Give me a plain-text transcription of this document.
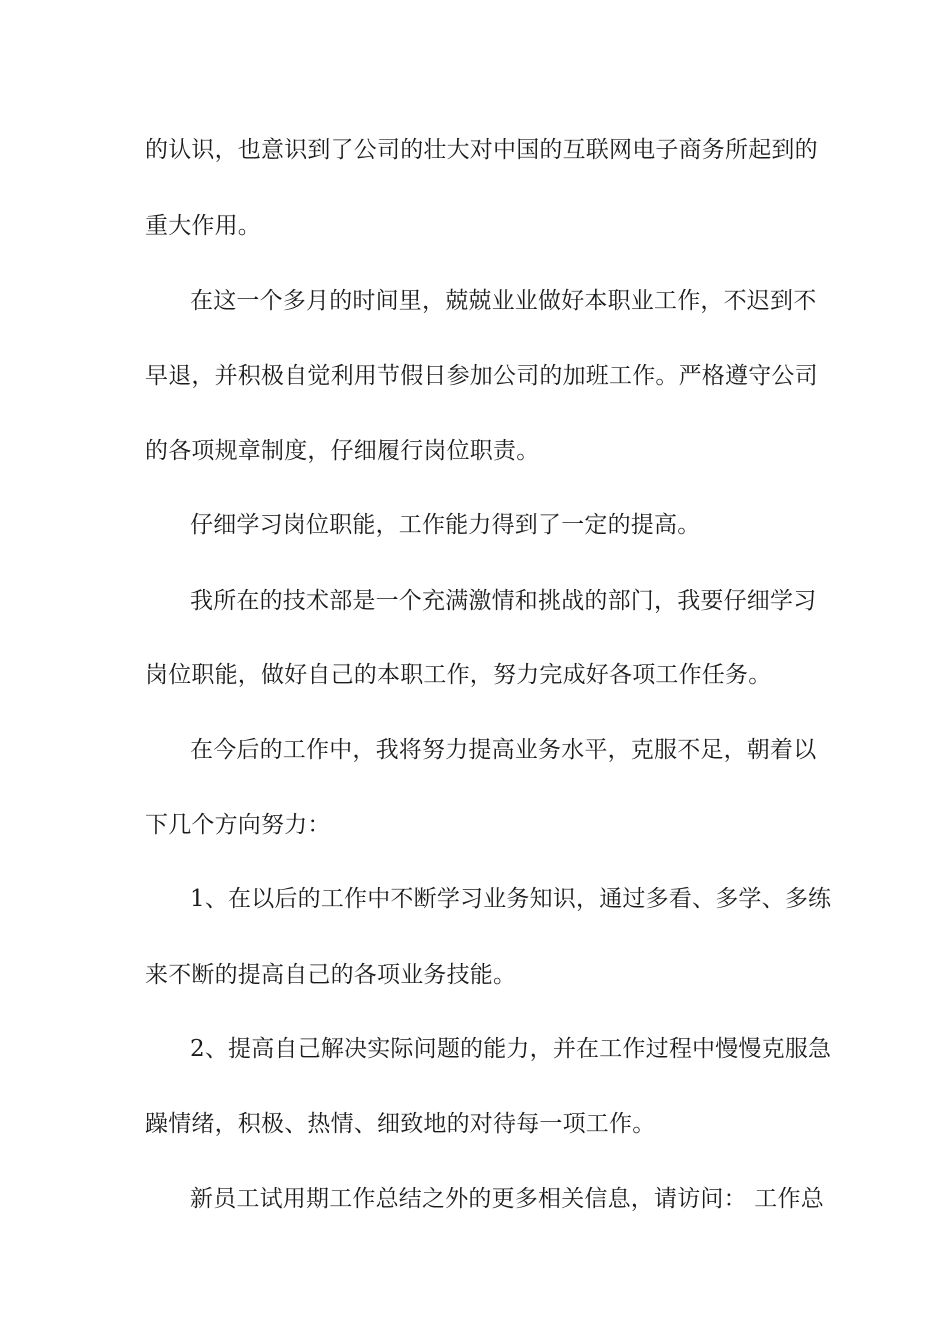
的认识，也意识到了公司的壮大对中国的互联网电子商务所起到的
重大作用。
在这一个多月的时间里，兢兢业业做好本职业工作，不迟到不
早退，并积极自觉利用节假日参加公司的加班工作。严格遵守公司
的各项规章制度，仔细履行岗位职责。
仔细学习岗位职能，工作能力得到了一定的提高。
我所在的技术部是一个充满激情和挑战的部门，我要仔细学习
岗位职能，做好自己的本职工作，努力完成好各项工作任务。
在今后的工作中，我将努力提高业务水平，克服不足，朝着以
下几个方向努力：
1、在以后的工作中不断学习业务知识，通过多看、多学、多练
来不断的提高自己的各项业务技能。
2、提高自己解决实际问题的能力，并在工作过程中慢慢克服急
躁情绪，积极、热情、细致地的对待每一项工作。
新员工试用期工作总结之外的更多相关信息，请访问： 工作总
